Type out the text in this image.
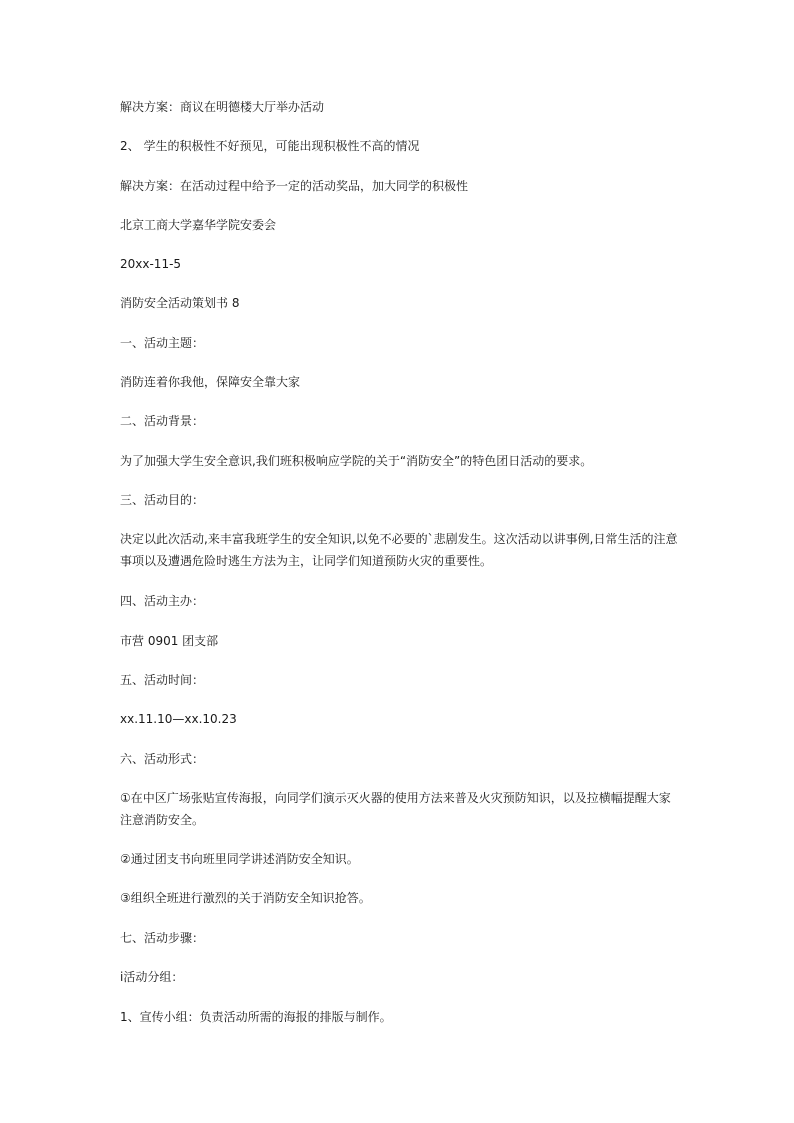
解决方案：商议在明德楼大厅举办活动
2、 学生的积极性不好预见，可能出现积极性不高的情况
解决方案：在活动过程中给予一定的活动奖品，加大同学的积极性
北京工商大学嘉华学院安委会
20xx-11-5
消防安全活动策划书 8
一、活动主题：
消防连着你我他，保障安全靠大家
二、活动背景：
为了加强大学生安全意识,我们班积极响应学院的关于“消防安全”的特色团日活动的要求。
三、活动目的：
决定以此次活动,来丰富我班学生的安全知识,以免不必要的`悲剧发生。这次活动以讲事例,日常生活的注意事项以及遭遇危险时逃生方法为主，让同学们知道预防火灾的重要性。
四、活动主办：
市营 0901 团支部
五、活动时间：
xx.11.10—xx.10.23
六、活动形式：
①在中区广场张贴宣传海报，向同学们演示灭火器的使用方法来普及火灾预防知识，以及拉横幅提醒大家注意消防安全。
②通过团支书向班里同学讲述消防安全知识。
③组织全班进行激烈的关于消防安全知识抢答。
七、活动步骤：
ⅰ活动分组：
1、宣传小组：负责活动所需的海报的排版与制作。
